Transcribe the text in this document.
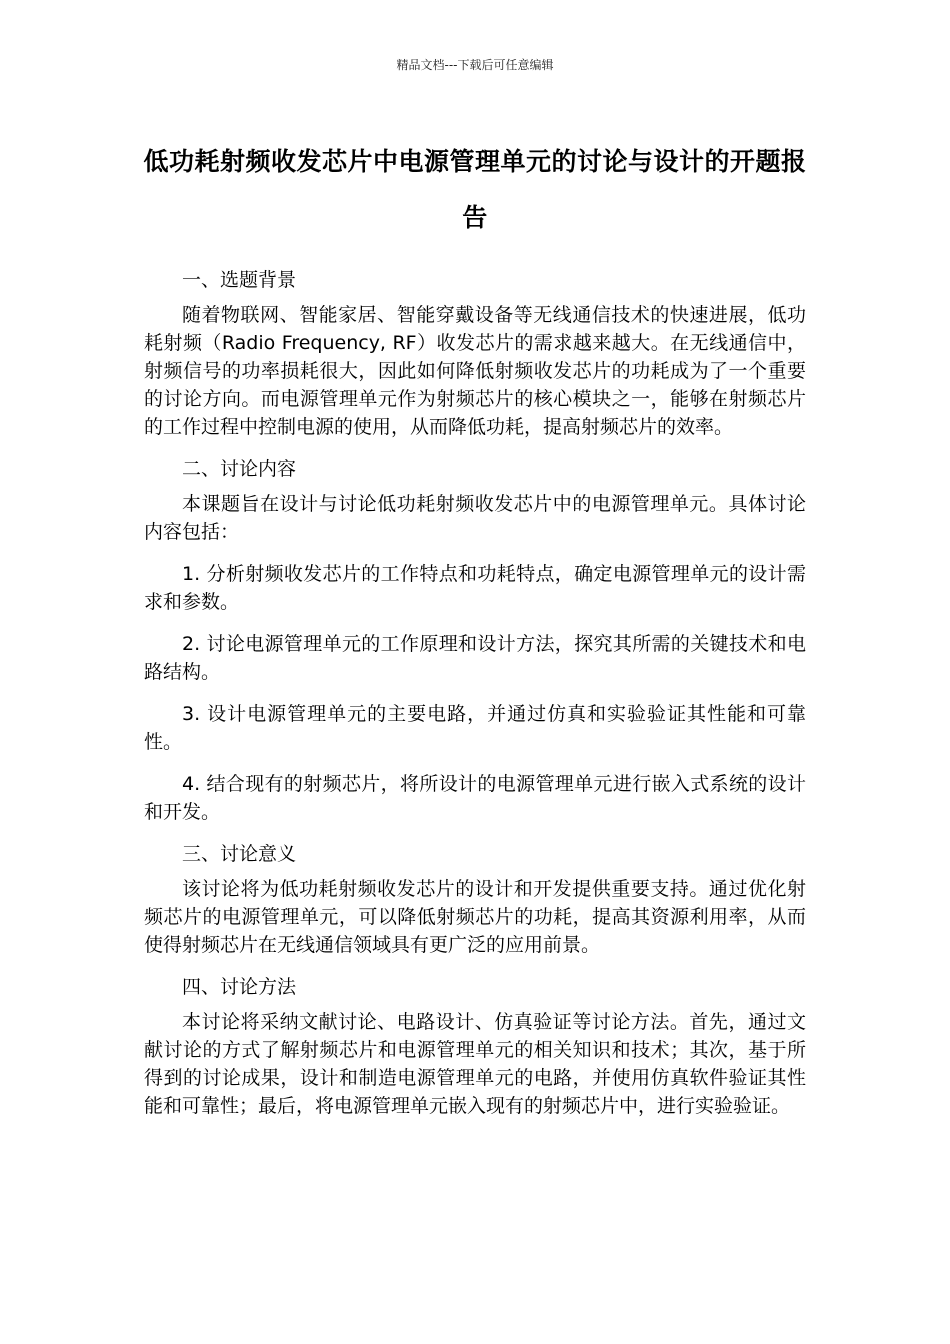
精品文档---下载后可任意编辑
低功耗射频收发芯片中电源管理单元的讨论与设计的开题报告

一、选题背景

随着物联网、智能家居、智能穿戴设备等无线通信技术的快速进展，低功耗射频（Radio Frequency, RF）收发芯片的需求越来越大。在无线通信中，射频信号的功率损耗很大，因此如何降低射频收发芯片的功耗成为了一个重要的讨论方向。而电源管理单元作为射频芯片的核心模块之一，能够在射频芯片的工作过程中控制电源的使用，从而降低功耗，提高射频芯片的效率。

二、讨论内容

本课题旨在设计与讨论低功耗射频收发芯片中的电源管理单元。具体讨论内容包括：

1. 分析射频收发芯片的工作特点和功耗特点，确定电源管理单元的设计需求和参数。

2. 讨论电源管理单元的工作原理和设计方法，探究其所需的关键技术和电路结构。

3. 设计电源管理单元的主要电路，并通过仿真和实验验证其性能和可靠性。

4. 结合现有的射频芯片，将所设计的电源管理单元进行嵌入式系统的设计和开发。

三、讨论意义

该讨论将为低功耗射频收发芯片的设计和开发提供重要支持。通过优化射频芯片的电源管理单元，可以降低射频芯片的功耗，提高其资源利用率，从而使得射频芯片在无线通信领域具有更广泛的应用前景。

四、讨论方法

本讨论将采纳文献讨论、电路设计、仿真验证等讨论方法。首先，通过文献讨论的方式了解射频芯片和电源管理单元的相关知识和技术；其次，基于所得到的讨论成果，设计和制造电源管理单元的电路，并使用仿真软件验证其性能和可靠性；最后，将电源管理单元嵌入现有的射频芯片中，进行实验验证。
